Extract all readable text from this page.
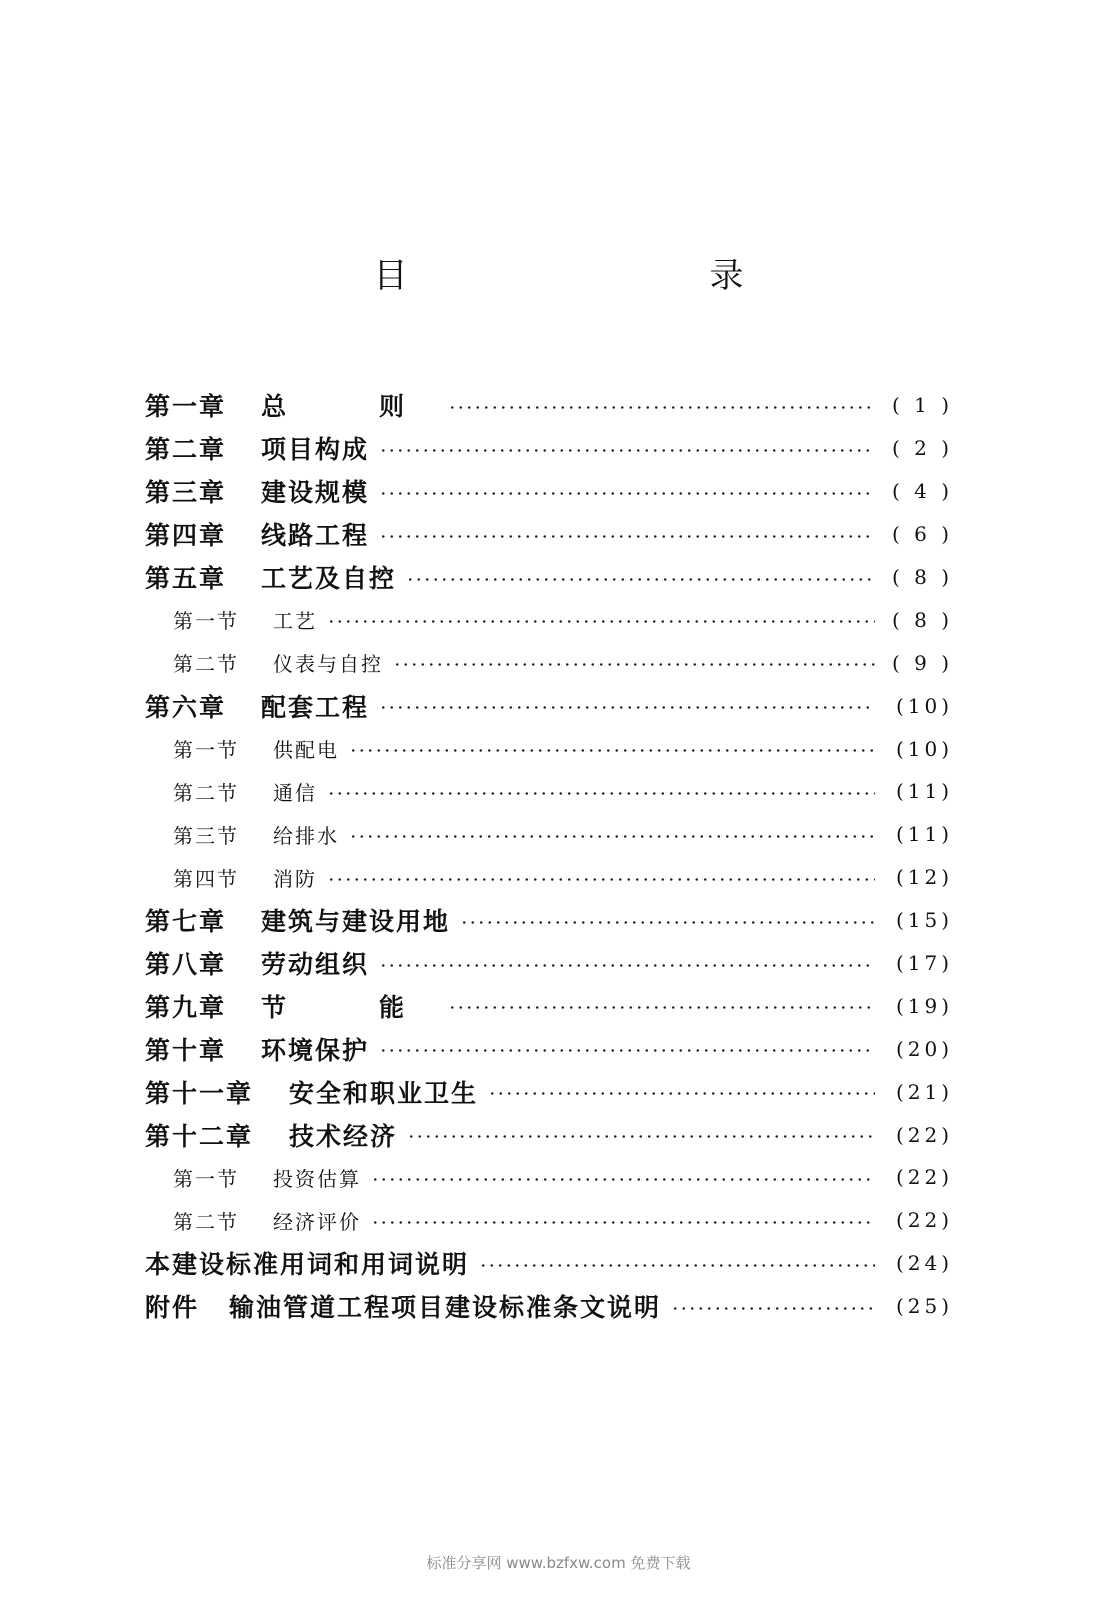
目　　录
第一章	总　则	( 1 )
第二章	项目构成	( 2 )
第三章	建设规模	( 4 )
第四章	线路工程	( 6 )
第五章	工艺及自控	( 8 )
第一节	工艺	( 8 )
第二节	仪表与自控	( 9 )
第六章	配套工程	(10)
第一节	供配电	(10)
第二节	通信	(11)
第三节	给排水	(11)
第四节	消防	(12)
第七章	建筑与建设用地	(15)
第八章	劳动组织	(17)
第九章	节　能	(19)
第十章	环境保护	(20)
第十一章	安全和职业卫生	(21)
第十二章	技术经济	(22)
第一节	投资估算	(22)
第二节	经济评价	(22)
本建设标准用词和用词说明	(24)
附件	输油管道工程项目建设标准条文说明	(25)
标准分享网 www.bzfxw.com 免费下载
